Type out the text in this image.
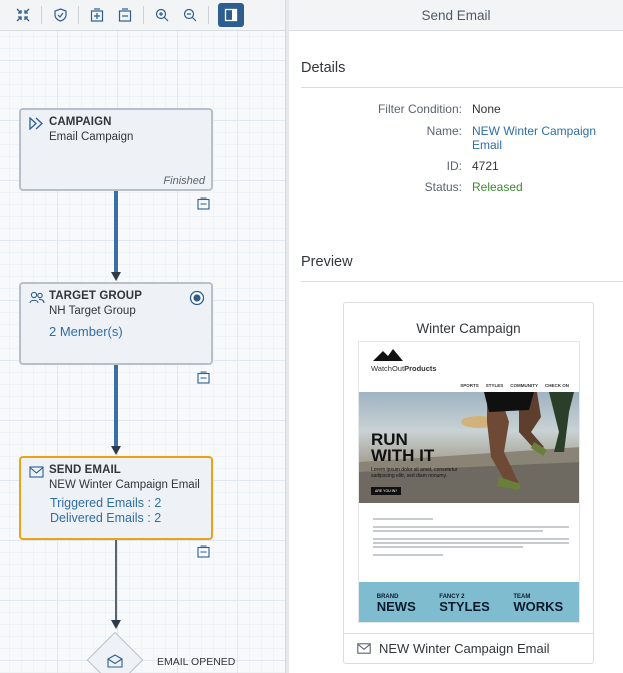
CAMPAIGN
Email Campaign
Finished
TARGET GROUP
NH Target Group
2 Member(s)
SEND EMAIL
NEW Winter Campaign Email
Triggered Emails : 2
Delivered Emails : 2
EMAIL OPENED
Send Email
Details
Filter Condition: None
Name: NEW Winter Campaign Email
ID: 4721
Status: Released
Preview
Winter Campaign
WatchOutProducts
SPORTS STYLES COMMUNITY CHECK ON
RUN
WITH IT
Lorem ipsum dolor sit amet, consetetur sadipscing elitr, sed diam nonumy.
ARE YOU IN?
BRAND
NEWS
FANCY 2
STYLES
TEAM
WORKS
NEW Winter Campaign Email
